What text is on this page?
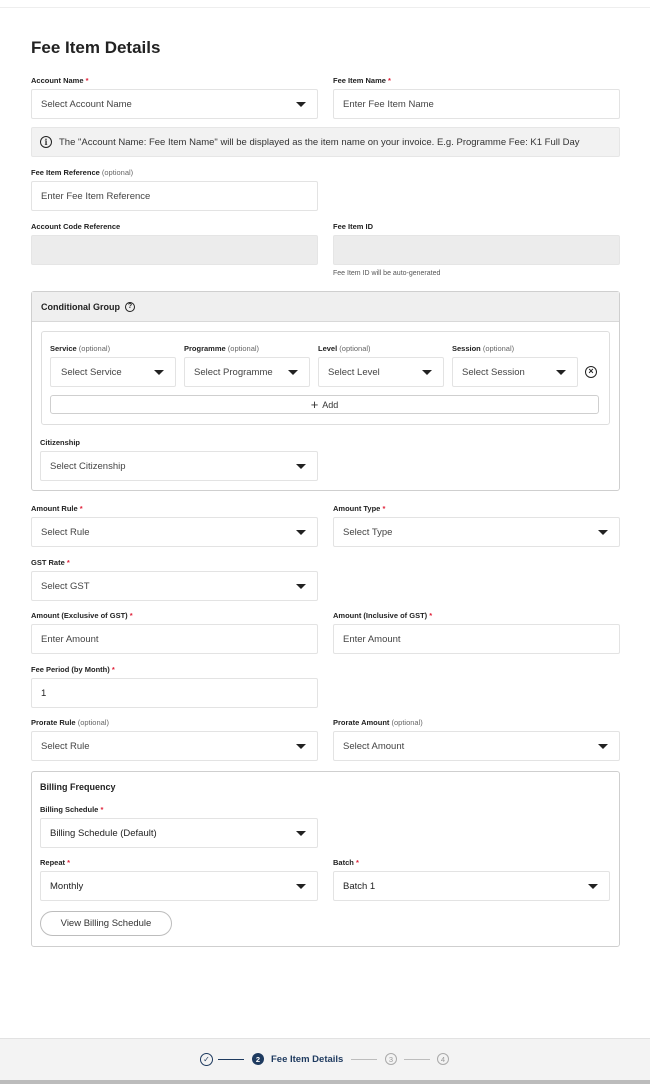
Fee Item Details
Account Name *
Select Account Name
Fee Item Name *
Enter Fee Item Name
i	The "Account Name: Fee Item Name" will be displayed as the item name on your invoice. E.g. Programme Fee: K1 Full Day
Fee Item Reference (optional)
Enter Fee Item Reference
Account Code Reference	Fee Item ID
Fee Item ID will be auto-generated
Conditional Group	?
Service (optional)
Select Service
Programme (optional)
Select Programme
Level (optional)
Select Level
Session (optional)
Select Session	×
+ Add
Citizenship
Select Citizenship
Amount Rule *
Select Rule
Amount Type *
Select Type
GST Rate *
Select GST
Amount (Exclusive of GST) *
Enter Amount
Amount (Inclusive of GST) *
Enter Amount
Fee Period (by Month) *
1
Prorate Rule (optional)
Select Rule
Prorate Amount (optional)
Select Amount
Billing Frequency
Billing Schedule *
Billing Schedule (Default)
Repeat *
Monthly
Batch *
Batch 1
View Billing Schedule
✓	2	Fee Item Details	3	4
